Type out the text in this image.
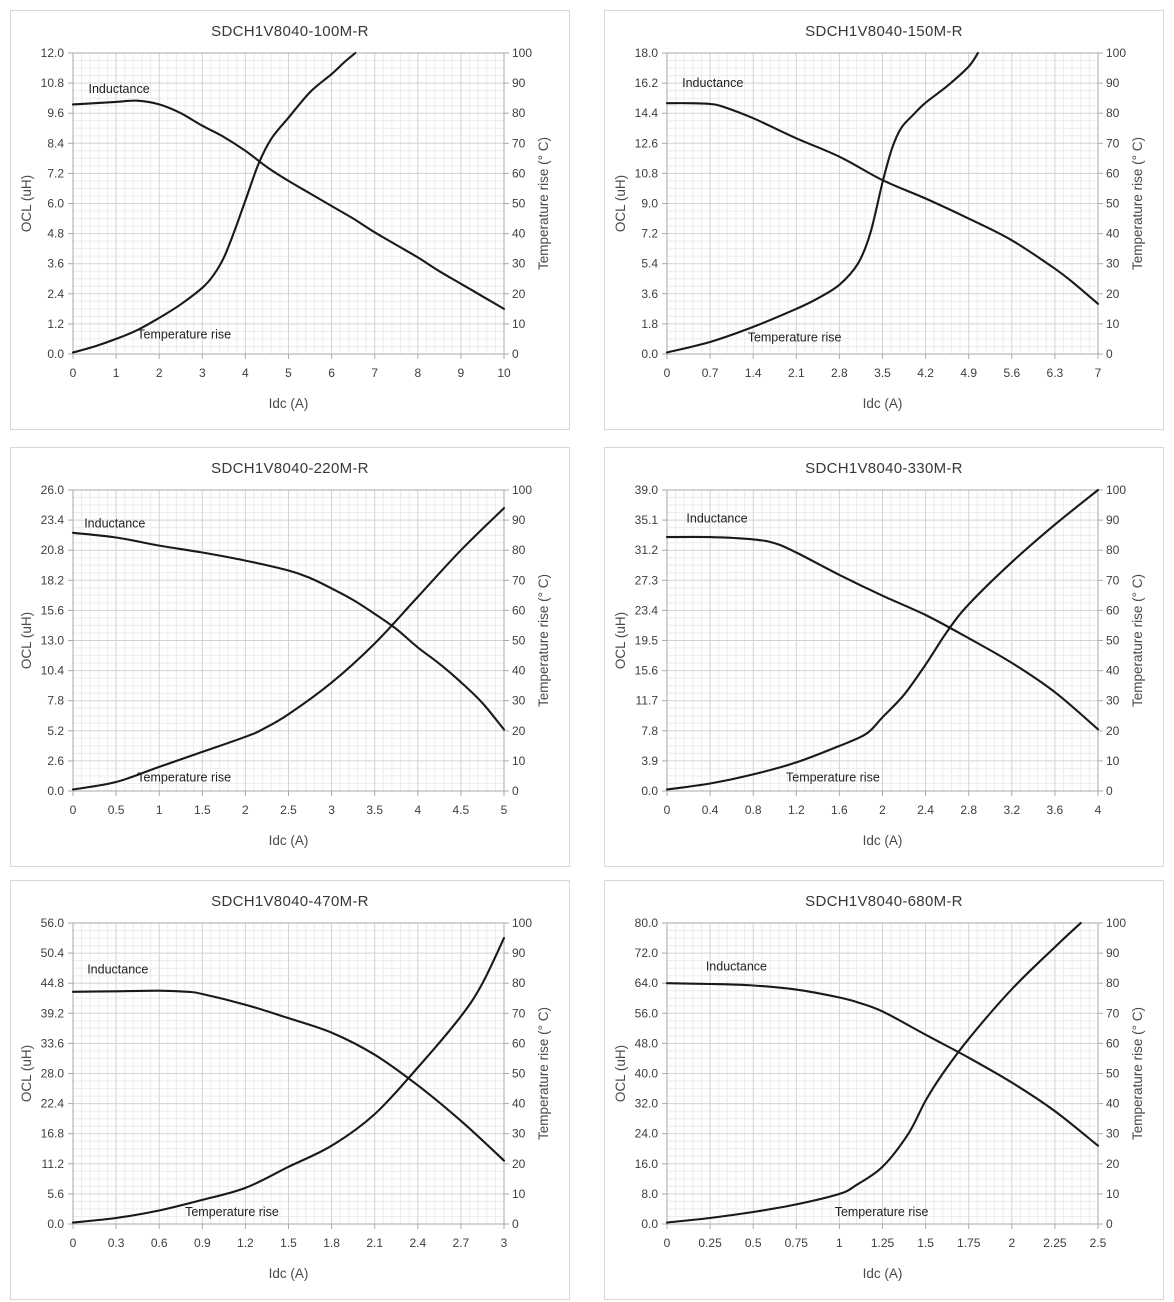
0	1	2	3	4	5	6	7	8	9	10
0.0
1.2
2.4
3.6
4.8
6.0
7.2
8.4
9.6
10.8
12.0
0
10
20
30
40
50
60
70
80
90
100
Idc (A)
OCL (uH)	Temperature rise (° C)
Inductance
Temperature rise
SDCH1V8040-100M-R
0	0.7 1.4 2.1 2.8 3.5 4.2 4.9 5.6 6.3	7
0.0
1.8
3.6
5.4
7.2
9.0
10.8
12.6
14.4
16.2
18.0
0
10
20
30
40
50
60
70
80
90
100
Idc (A)
OCL (uH)	Temperature rise (° C)
Inductance
Temperature rise
SDCH1V8040-150M-R
0	0.5	1	1.5	2	2.5	3	3.5	4	4.5	5
0.0
2.6
5.2
7.8
10.4
13.0
15.6
18.2
20.8
23.4
26.0
0
10
20
30
40
50
60
70
80
90
100
Idc (A)
OCL (uH)	Temperature rise (° C)
Inductance
Temperature rise
SDCH1V8040-220M-R
0	0.4 0.8 1.2 1.6	2	2.4 2.8 3.2 3.6	4
0.0
3.9
7.8
11.7
15.6
19.5
23.4
27.3
31.2
35.1
39.0
0
10
20
30
40
50
60
70
80
90
100
Idc (A)
OCL (uH)	Temperature rise (° C)
Inductance
Temperature rise
SDCH1V8040-330M-R
0	0.3 0.6 0.9 1.2 1.5 1.8 2.1 2.4 2.7	3
0.0
5.6
11.2
16.8
22.4
28.0
33.6
39.2
44.8
50.4
56.0
0
10
20
30
40
50
60
70
80
90
100
Idc (A)
OCL (uH)	Temperature rise (° C)
Inductance
Temperature rise
SDCH1V8040-470M-R
0 0.25 0.5 0.75 1 1.25 1.5 1.75 2 2.25 2.5
0.0
8.0
16.0
24.0
32.0
40.0
48.0
56.0
64.0
72.0
80.0
0
10
20
30
40
50
60
70
80
90
100
Idc (A)
OCL (uH)	Temperature rise (° C)
Inductance
Temperature rise
SDCH1V8040-680M-R
